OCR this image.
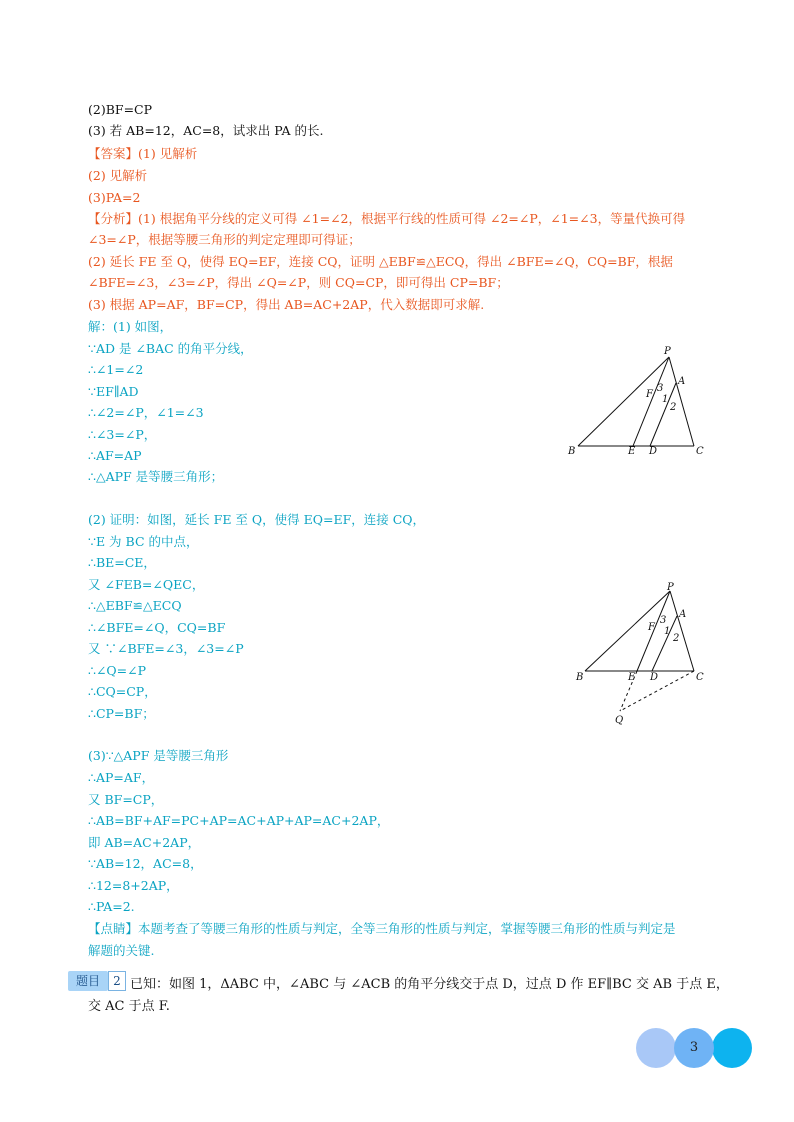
(2)BF=CP
(3) 若 AB=12，AC=8，试求出 PA 的长.
【答案】(1) 见解析
(2) 见解析
(3)PA=2
【分析】(1) 根据角平分线的定义可得 ∠1=∠2，根据平行线的性质可得 ∠2=∠P，∠1=∠3，等量代换可得
∠3=∠P，根据等腰三角形的判定定理即可得证；
(2) 延长 FE 至 Q，使得 EQ=EF，连接 CQ，证明 △EBF≌△ECQ，得出 ∠BFE=∠Q，CQ=BF，根据
∠BFE=∠3，∠3=∠P，得出 ∠Q=∠P，则 CQ=CP，即可得出 CP=BF；
(3) 根据 AP=AF，BF=CP，得出 AB=AC+2AP，代入数据即可求解.
解：(1) 如图，
∵AD 是 ∠BAC 的角平分线，
∴∠1=∠2
∵EF∥AD
∴∠2=∠P，∠1=∠3
∴∠3=∠P，
∴AF=AP
∴△APF 是等腰三角形；
(2) 证明：如图，延长 FE 至 Q，使得 EQ=EF，连接 CQ，
∵E 为 BC 的中点，
∴BE=CE，
又 ∠FEB=∠QEC，
∴△EBF≌△ECQ
∴∠BFE=∠Q，CQ=BF
又 ∵∠BFE=∠3，∠3=∠P
∴∠Q=∠P
∴CQ=CP，
∴CP=BF；
(3)∵△APF 是等腰三角形
∴AP=AF，
又 BF=CP，
∴AB=BF+AF=PC+AP=AC+AP+AP=AC+2AP，
即 AB=AC+2AP，
∵AB=12，AC=8，
∴12=8+2AP，
∴PA=2.
【点睛】本题考查了等腰三角形的性质与判定，全等三角形的性质与判定，掌握等腰三角形的性质与判定是
解题的关键.
P
A
F
3
1
2
B	E D	C
P
A
F
3
1
2
B	E D	C
Q
题目	2 已知：如图 1，ΔABC 中，∠ABC 与 ∠ACB 的角平分线交于点 D，过点 D 作 EF∥BC 交 AB 于点 E，
交 AC 于点 F.
3
